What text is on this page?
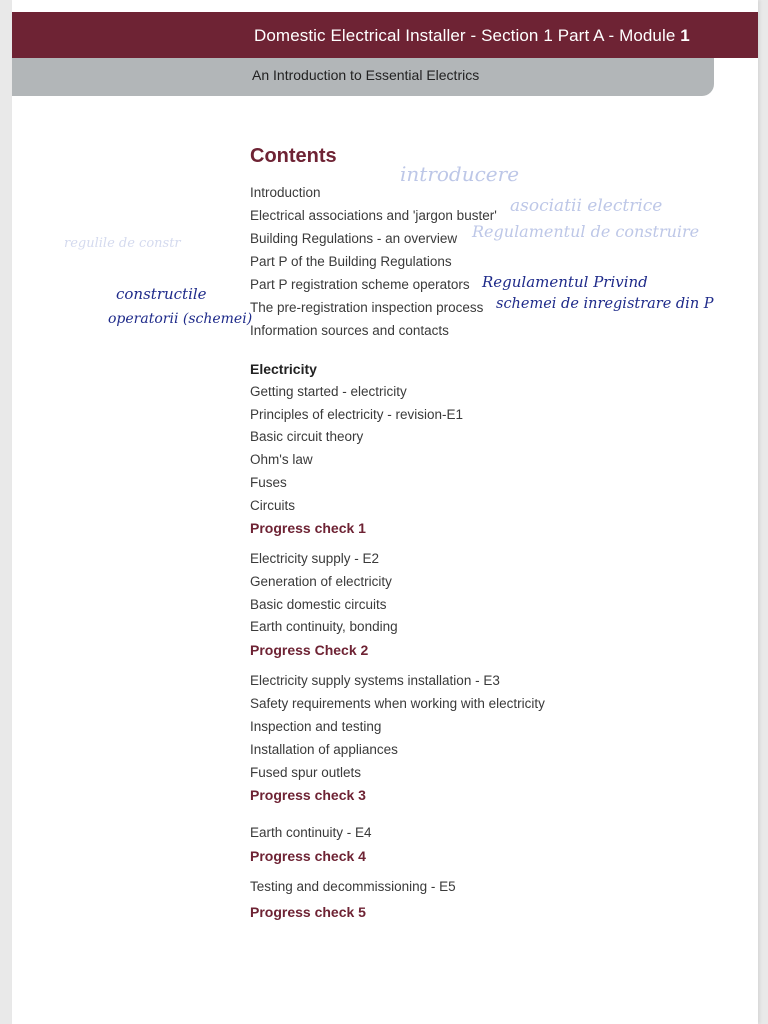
Domestic Electrical Installer - Section 1 Part A - Module 1
An Introduction to Essential Electrics
Contents
Introduction
Electrical associations and 'jargon buster'
Building Regulations - an overview
Part P of the Building Regulations
Part P registration scheme operators
The pre-registration inspection process
Information sources and contacts
Electricity
Getting started - electricity
Principles of electricity - revision-E1
Basic circuit theory
Ohm's law
Fuses
Circuits
Progress check 1
Electricity supply - E2
Generation of electricity
Basic domestic circuits
Earth continuity, bonding
Progress Check 2
Electricity supply systems installation - E3
Safety requirements when working with electricity
Inspection and testing
Installation of appliances
Fused spur outlets
Progress check 3
Earth continuity - E4
Progress check 4
Testing and decommissioning - E5
Progress check 5
introducere
asociatii electrice
Regulamentul de construire
regulile de constr
Regulamentul Privind
constructile
schemei de inregistrare din P
operatorii (schemei)
